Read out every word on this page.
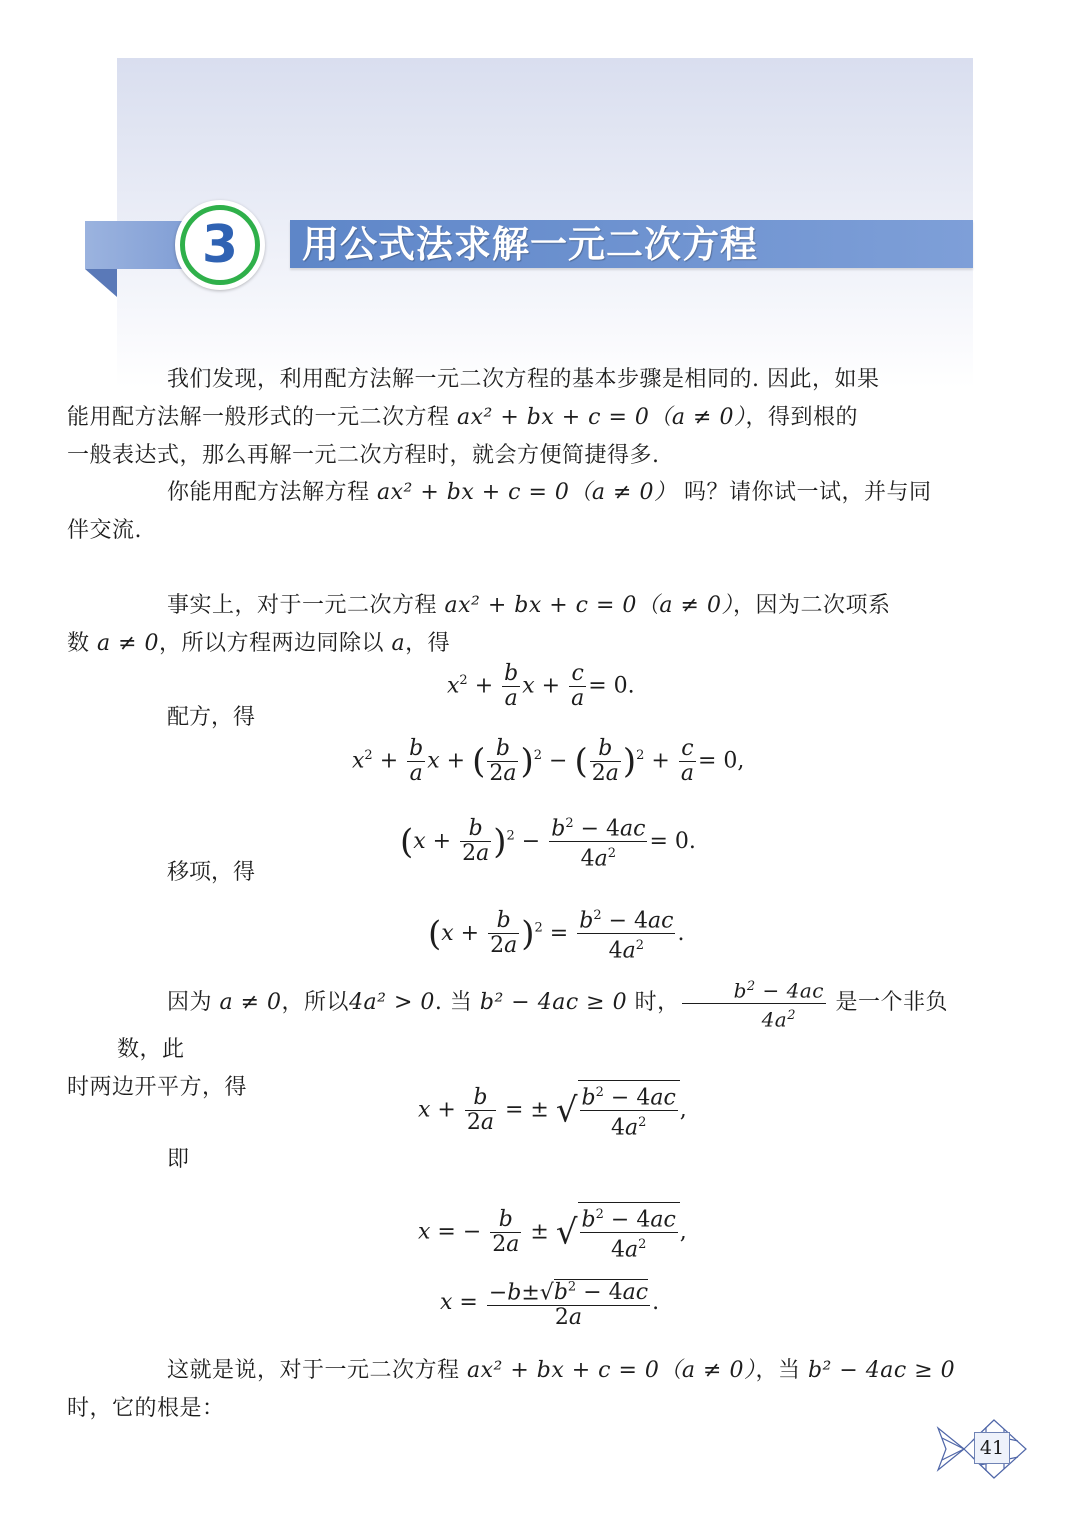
用公式法求解一元二次方程
3
我们发现，利用配方法解一元二次方程的基本步骤是相同的. 因此，如果
能用配方法解一般形式的一元二次方程 ax² + bx + c = 0（a ≠ 0），得到根的
一般表达式，那么再解一元二次方程时，就会方便简捷得多.
你能用配方法解方程 ax² + bx + c = 0（a ≠ 0） 吗？请你试一试，并与同
伴交流.
事实上，对于一元二次方程 ax² + bx + c = 0（a ≠ 0），因为二次项系
数 a ≠ 0，所以方程两边同除以 a，得
$x^2 + \frac{b}{a}$ $x + \frac{c}{a} = 0$.
配方，得
$x^2 + \frac{b}{a}$ x + ( $\frac{b}{2a} )^2$ − ( $\frac{b}{2a} )^2 + \frac{c}{a} = 0$,
$(x + \frac{b}{2a} )^2 - \frac{b^2 - 4ac}{4a^2} = 0$.
移项，得
$(x + \frac{b}{2a} )^2 = \frac{b^2 - 4ac}{4a^2}$ .
因为 a ≠ 0，所以4a² > 0. 当 b² − 4ac ≥ 0 时， $\frac{b^2 - 4ac}{4a^2}$ 是一个非负数，此
时两边开平方，得
$x + \frac{b}{2a}$ = ± √ $\frac{b^2 - 4ac}{4a^2}$ ,
即
x = − $\frac{b}{2a}$ ± √ $\frac{b^2 - 4ac}{4a^2}$ ,
$x = \frac{-b\pm√b^2 - 4ac}{2a}$ .
这就是说，对于一元二次方程 ax² + bx + c = 0（a ≠ 0），当 b² − 4ac ≥ 0
时，它的根是：
41
